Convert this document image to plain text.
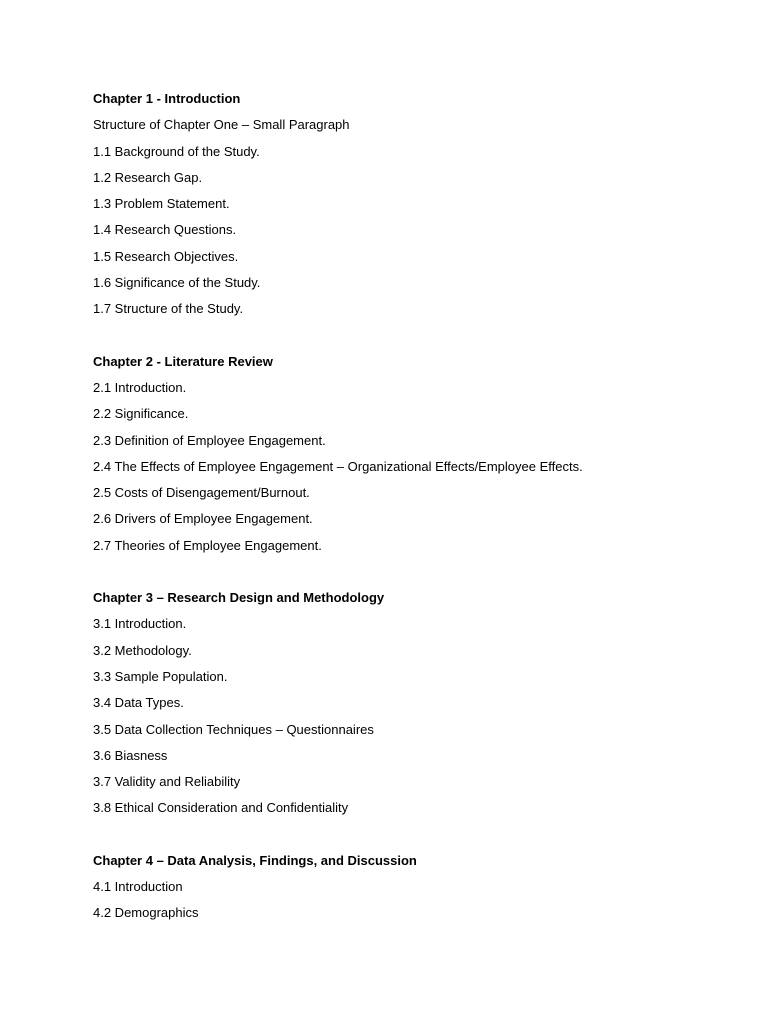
Chapter 1 - Introduction
Structure of Chapter One – Small Paragraph
1.1 Background of the Study.
1.2 Research Gap.
1.3 Problem Statement.
1.4 Research Questions.
1.5 Research Objectives.
1.6 Significance of the Study.
1.7 Structure of the Study.
Chapter 2 - Literature Review
2.1 Introduction.
2.2 Significance.
2.3 Definition of Employee Engagement.
2.4 The Effects of Employee Engagement – Organizational Effects/Employee Effects.
2.5 Costs of Disengagement/Burnout.
2.6 Drivers of Employee Engagement.
2.7 Theories of Employee Engagement.
Chapter 3 – Research Design and Methodology
3.1 Introduction.
3.2 Methodology.
3.3 Sample Population.
3.4 Data Types.
3.5 Data Collection Techniques – Questionnaires
3.6 Biasness
3.7 Validity and Reliability
3.8 Ethical Consideration and Confidentiality
Chapter 4 – Data Analysis, Findings, and Discussion
4.1 Introduction
4.2 Demographics
